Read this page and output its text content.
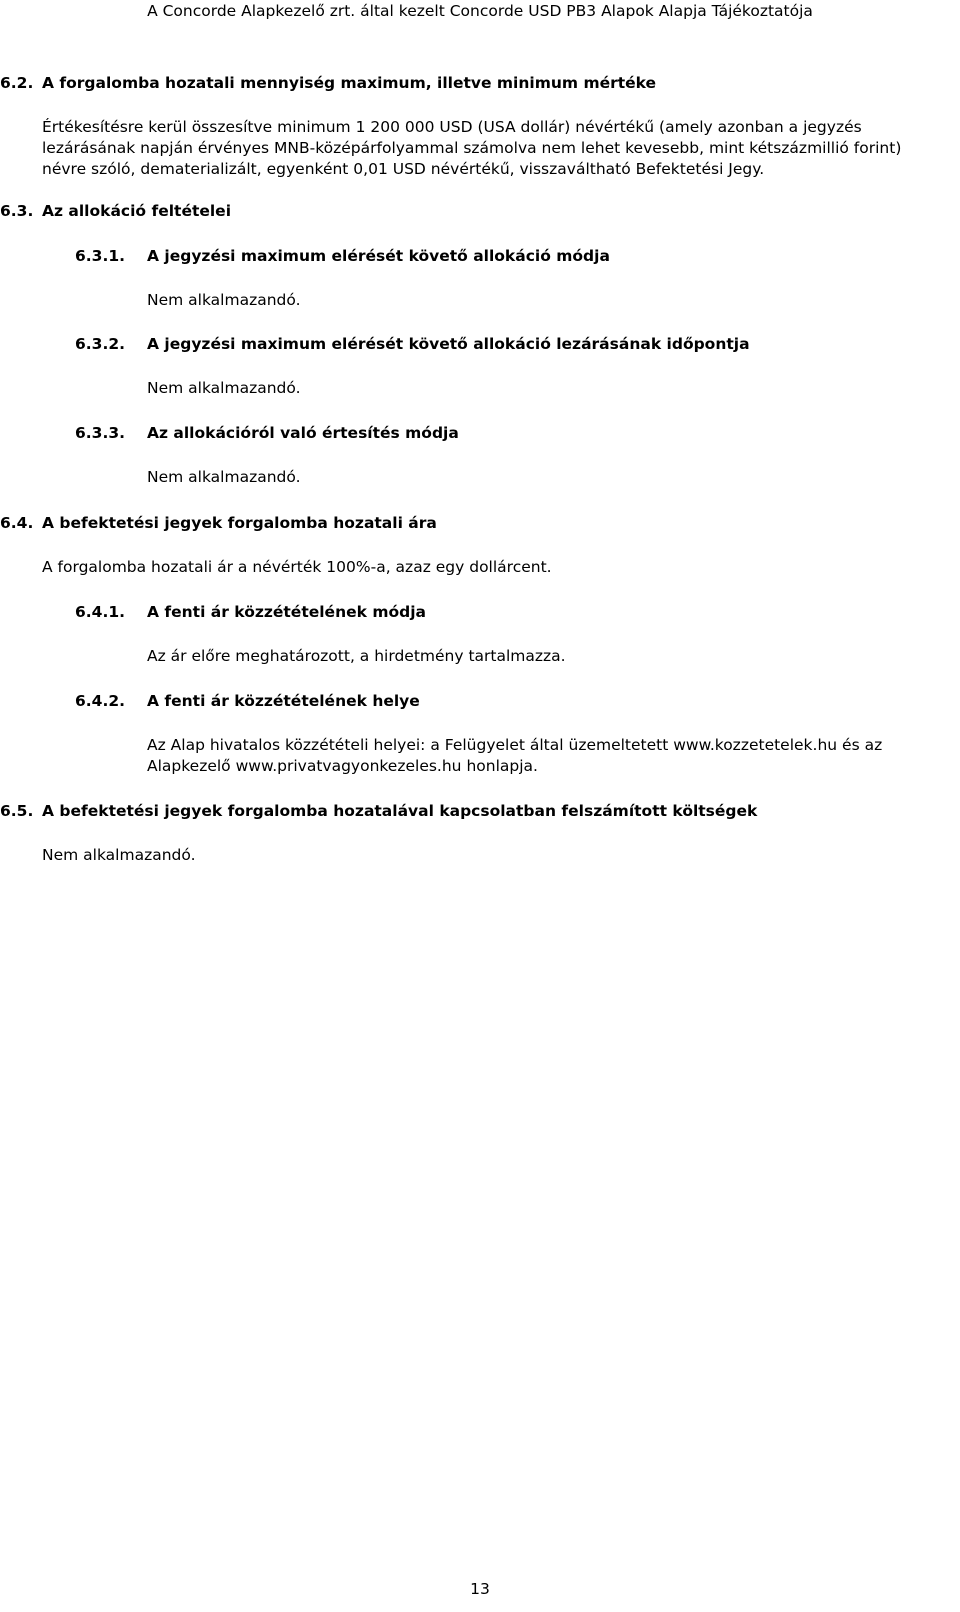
A Concorde Alapkezelő zrt. által kezelt Concorde USD PB3 Alapok Alapja Tájékoztatója
6.2. A forgalomba hozatali mennyiség maximum, illetve minimum mértéke
Értékesítésre kerül összesítve minimum 1 200 000 USD (USA dollár) névértékű (amely azonban a jegyzés lezárásának napján érvényes MNB-középárfolyammal számolva nem lehet kevesebb, mint kétszázmillió forint) névre szóló, dematerializált, egyenként 0,01 USD névértékű, visszaváltható Befektetési Jegy.
6.3. Az allokáció feltételei
6.3.1. A jegyzési maximum elérését követő allokáció módja
Nem alkalmazandó.
6.3.2. A jegyzési maximum elérését követő allokáció lezárásának időpontja
Nem alkalmazandó.
6.3.3. Az allokációról való értesítés módja
Nem alkalmazandó.
6.4. A befektetési jegyek forgalomba hozatali ára
A forgalomba hozatali ár a névérték 100%-a, azaz egy dollárcent.
6.4.1. A fenti ár közzétételének módja
Az ár előre meghatározott, a hirdetmény tartalmazza.
6.4.2. A fenti ár közzétételének helye
Az Alap hivatalos közzétételi helyei: a Felügyelet által üzemeltetett www.kozzetetelek.hu és az Alapkezelő www.privatvagyonkezeles.hu honlapja.
6.5. A befektetési jegyek forgalomba hozatalával kapcsolatban felszámított költségek
Nem alkalmazandó.
13
